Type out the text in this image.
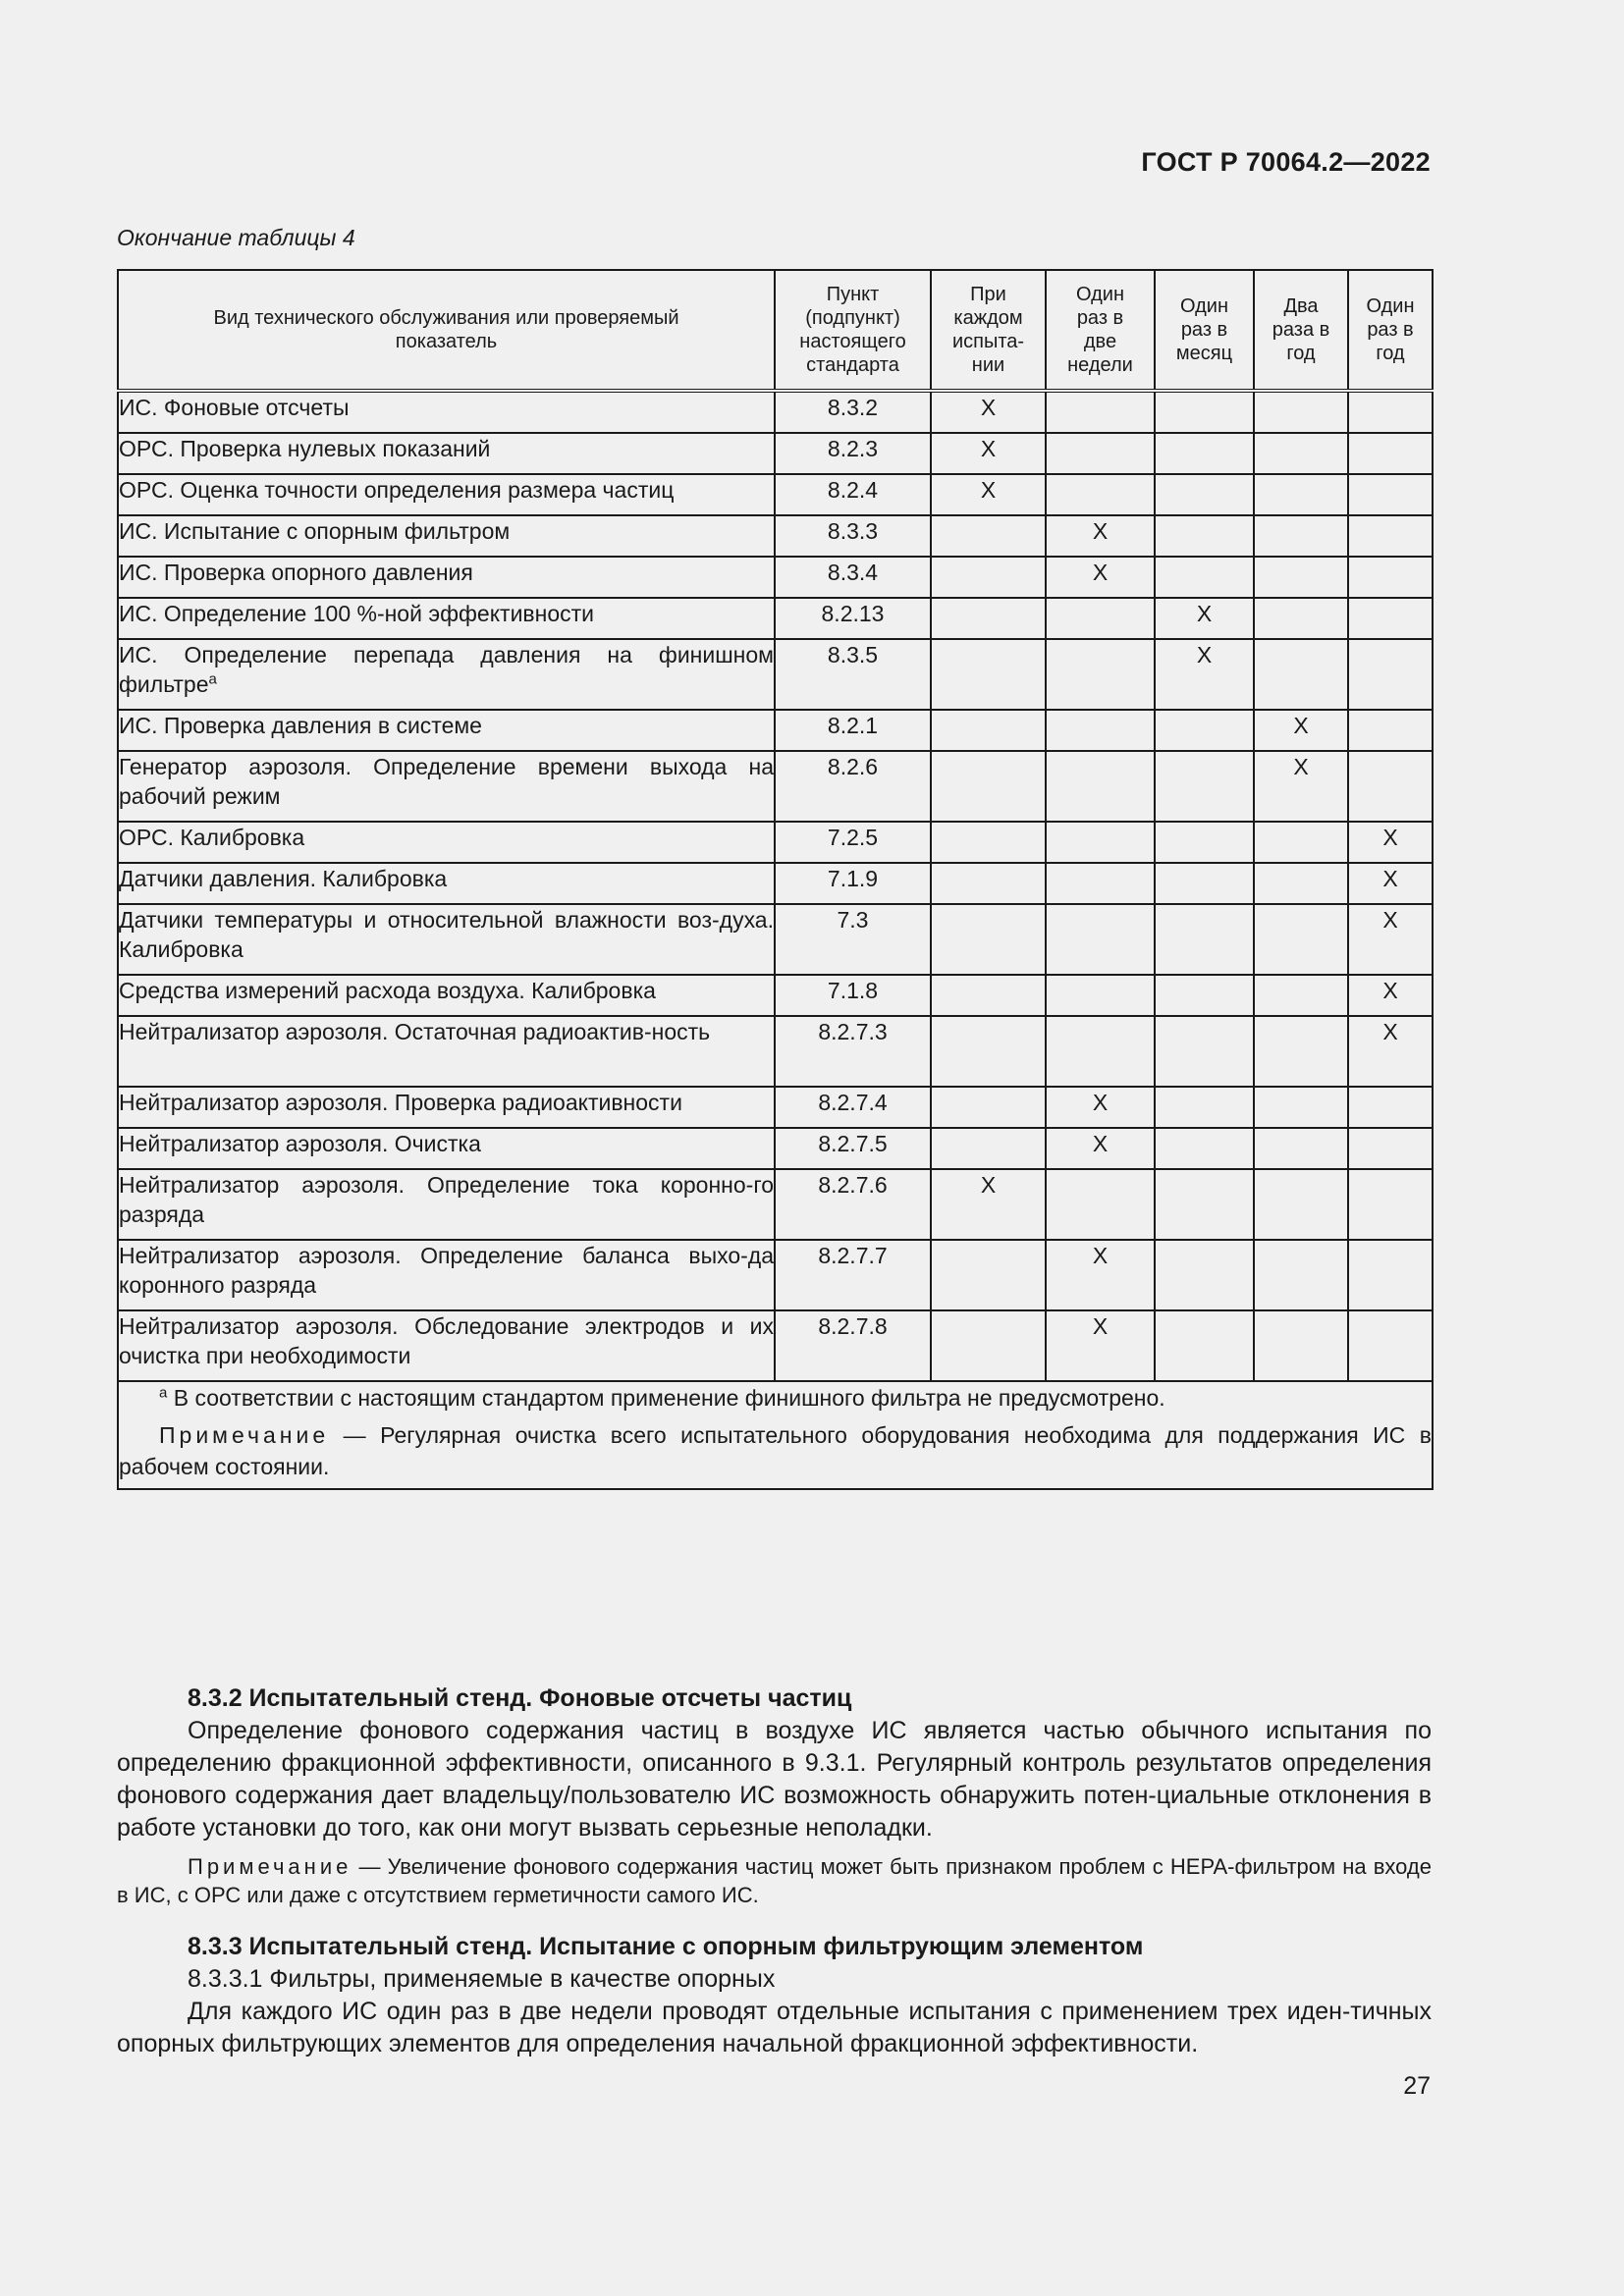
ГОСТ Р 70064.2—2022
Окончание таблицы 4
Вид технического обслуживания или проверяемый показатель	Пункт (подпункт) настоящего стандарта	При каждом испыта-нии	Один раз в две недели	Один раз в месяц	Два раза в год	Один раз в год
ИС. Фоновые отсчеты	8.3.2	X				
ОРС. Проверка нулевых показаний	8.2.3	X				
ОРС. Оценка точности определения размера частиц	8.2.4	X				
ИС. Испытание с опорным фильтром	8.3.3		X			
ИС. Проверка опорного давления	8.3.4		X			
ИС. Определение 100 %-ной эффективности	8.2.13			X		
ИС. Определение перепада давления на финишном фильтре$^a$	8.3.5			X		
ИС. Проверка давления в системе	8.2.1				X	
Генератор аэрозоля. Определение времени выхода на рабочий режим	8.2.6				X	
ОРС. Калибровка	7.2.5					X
Датчики давления. Калибровка	7.1.9					X
Датчики температуры и относительной влажности воз-духа. Калибровка	7.3					X
Средства измерений расхода воздуха. Калибровка	7.1.8					X
Нейтрализатор аэрозоля. Остаточная радиоактив-ность	8.2.7.3					X
Нейтрализатор аэрозоля. Проверка радиоактивности	8.2.7.4		X			
Нейтрализатор аэрозоля. Очистка	8.2.7.5		X			
Нейтрализатор аэрозоля. Определение тока коронно-го разряда	8.2.7.6	X				
Нейтрализатор аэрозоля. Определение баланса выхо-да коронного разряда	8.2.7.7		X			
Нейтрализатор аэрозоля. Обследование электродов и их очистка при необходимости	8.2.7.8		X			

$^a$ В соответствии с настоящим стандартом применение финишного фильтра не предусмотрено.

Примечание — Регулярная очистка всего испытательного оборудования необходима для поддержания ИС в рабочем состоянии.						

8.3.2 Испытательный стенд. Фоновые отсчеты частиц

Определение фонового содержания частиц в воздухе ИС является частью обычного испытания по определению фракционной эффективности, описанного в 9.3.1. Регулярный контроль результатов определения фонового содержания дает владельцу/пользователю ИС возможность обнаружить потен-циальные отклонения в работе установки до того, как они могут вызвать серьезные неполадки.

Примечание — Увеличение фонового содержания частиц может быть признаком проблем с HEPA-фильтром на входе в ИС, с ОРС или даже с отсутствием герметичности самого ИС.

8.3.3 Испытательный стенд. Испытание с опорным фильтрующим элементом

8.3.3.1 Фильтры, применяемые в качестве опорных

Для каждого ИС один раз в две недели проводят отдельные испытания с применением трех иден-тичных опорных фильтрующих элементов для определения начальной фракционной эффективности.

27
